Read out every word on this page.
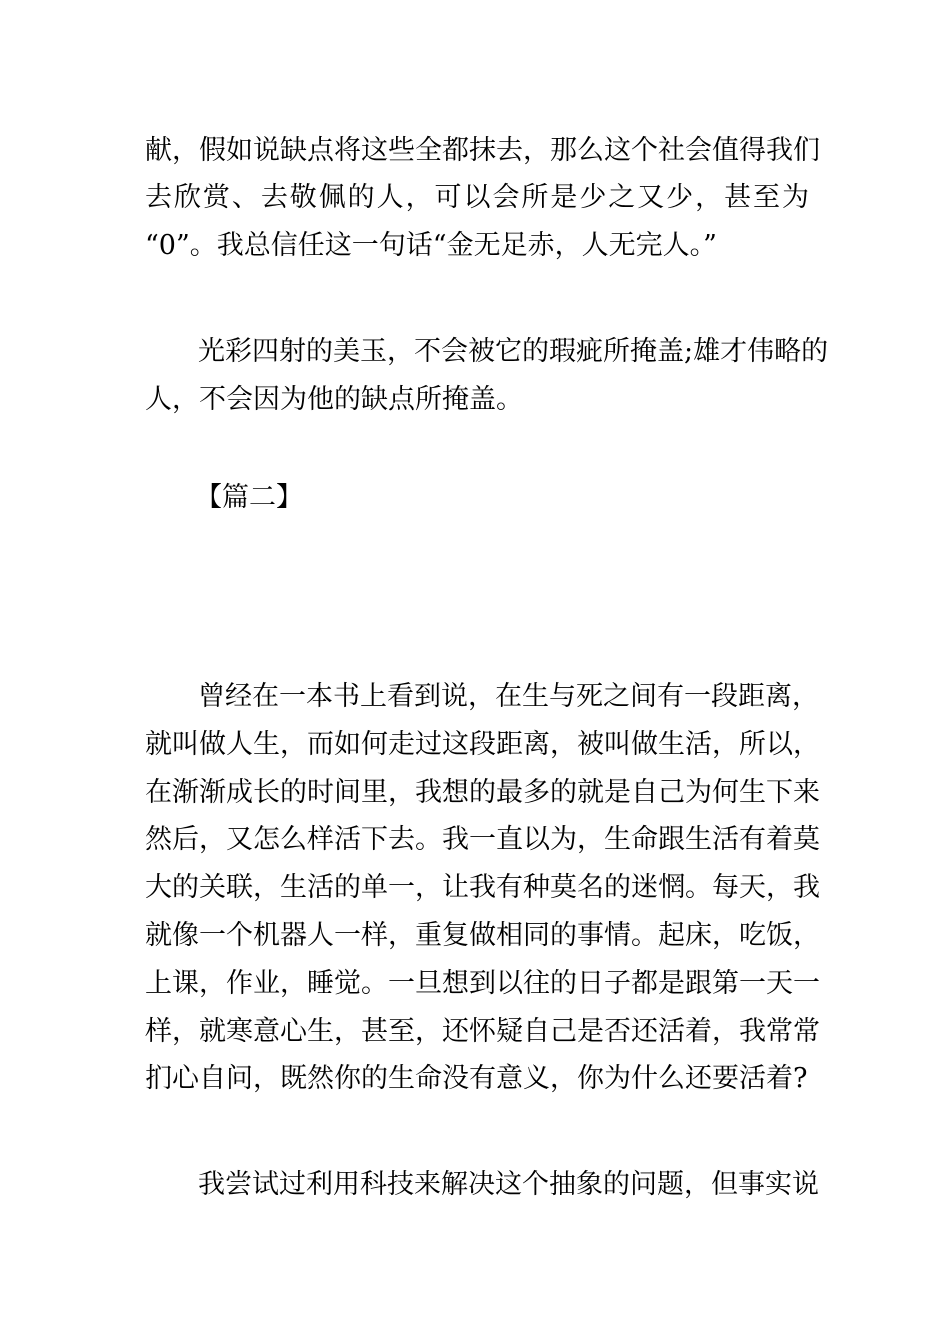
献，假如说缺点将这些全都抹去，那么这个社会值得我们
去欣赏、去敬佩的人，可以会所是少之又少，甚至为
“0”。我总信任这一句话“金无足赤，人无完人。”
光彩四射的美玉，不会被它的瑕疵所掩盖;雄才伟略的
人，不会因为他的缺点所掩盖。
【篇二】
曾经在一本书上看到说，在生与死之间有一段距离，
就叫做人生，而如何走过这段距离，被叫做生活，所以，
在渐渐成长的时间里，我想的最多的就是自己为何生下来
然后，又怎么样活下去。我一直以为，生命跟生活有着莫
大的关联，生活的单一，让我有种莫名的迷惘。每天，我
就像一个机器人一样，重复做相同的事情。起床，吃饭，
上课，作业，睡觉。一旦想到以往的日子都是跟第一天一
样，就寒意心生，甚至，还怀疑自己是否还活着，我常常
扪心自问，既然你的生命没有意义，你为什么还要活着?
我尝试过利用科技来解决这个抽象的问题，但事实说
